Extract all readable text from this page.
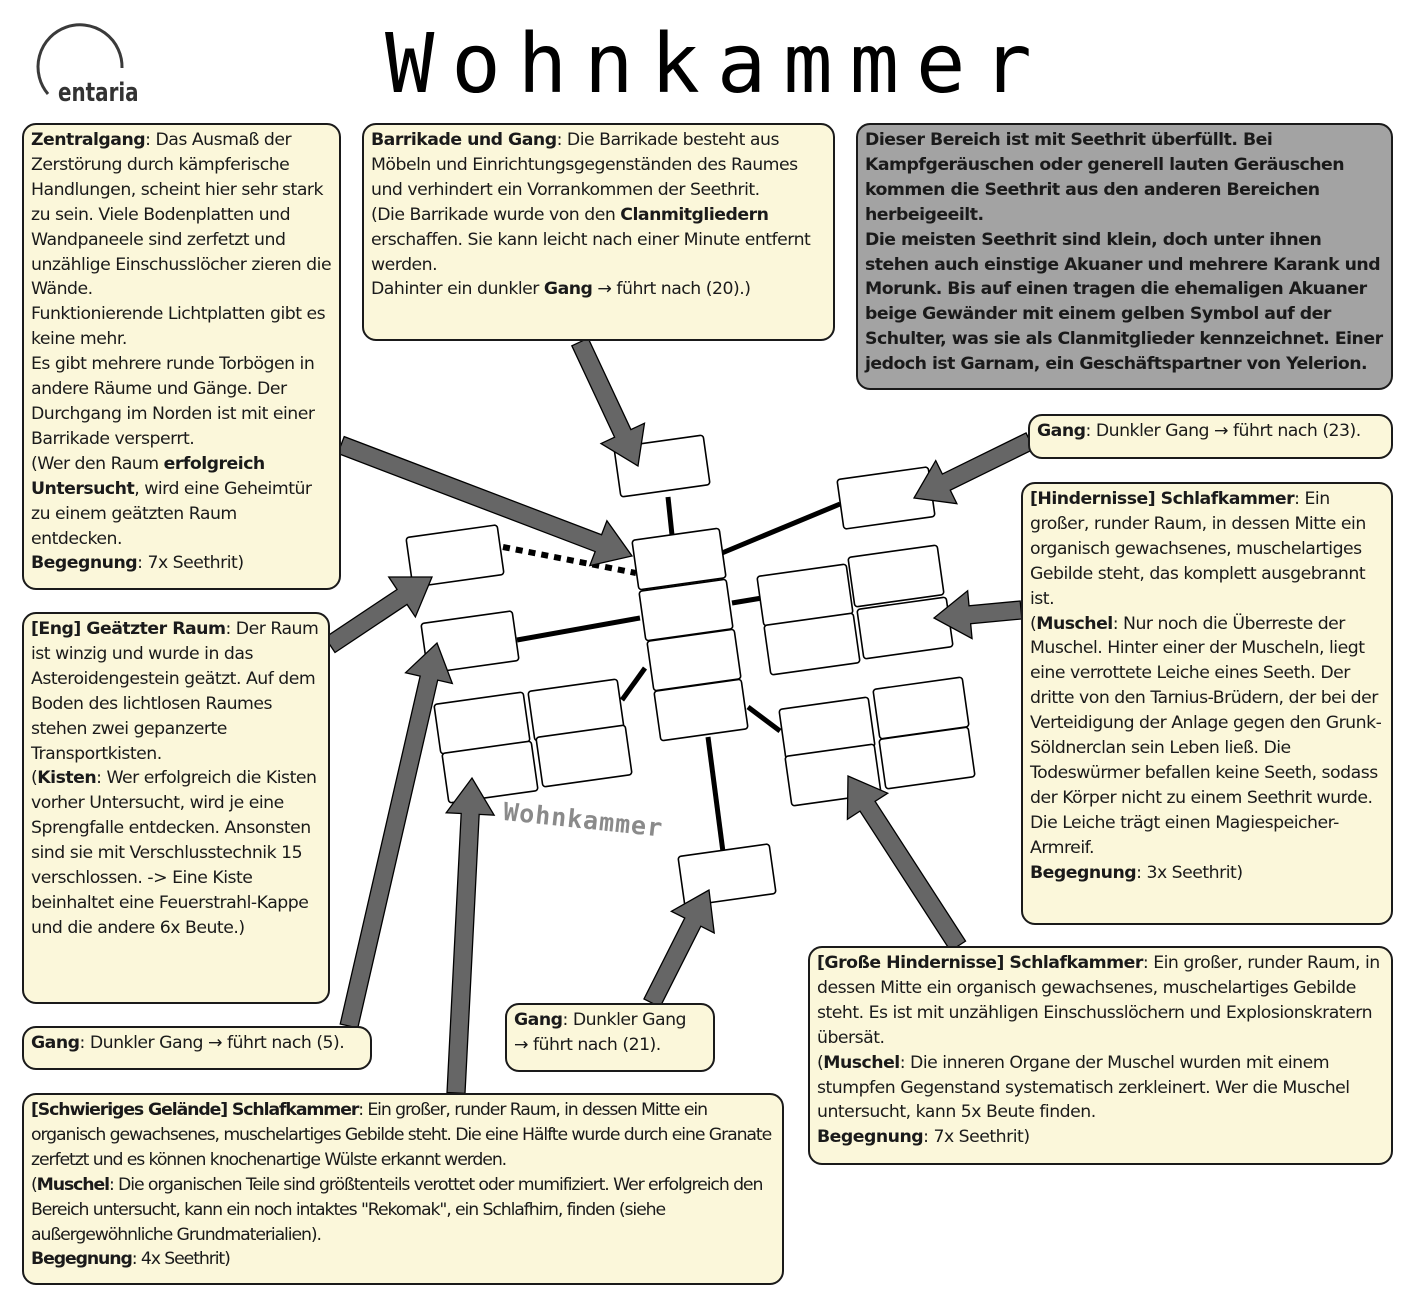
entaria	Wohnkammer
Wohnkammer
Zentralgang: Das Ausmaß der Zerstörung durch kämpferische Handlungen, scheint hier sehr stark zu sein. Viele Bodenplatten und Wandpaneele sind zerfetzt und unzählige Einschusslöcher zieren die Wände.
Funktionierende Lichtplatten gibt es keine mehr.
Es gibt mehrere runde Torbögen in andere Räume und Gänge. Der Durchgang im Norden ist mit einer Barrikade versperrt.
(Wer den Raum erfolgreich Untersucht, wird eine Geheimtür zu einem geätzten Raum entdecken.
Begegnung: 7x Seethrit)
Barrikade und Gang: Die Barrikade besteht aus Möbeln und Einrichtungsgegenständen des Raumes und verhindert ein Vorrankommen der Seethrit.
(Die Barrikade wurde von den Clanmitgliedern erschaffen. Sie kann leicht nach einer Minute entfernt werden.
Dahinter ein dunkler Gang → führt nach (20).)
Dieser Bereich ist mit Seethrit überfüllt. Bei Kampfgeräuschen oder generell lauten Geräuschen kommen die Seethrit aus den anderen Bereichen herbeigeeilt.
Die meisten Seethrit sind klein, doch unter ihnen stehen auch einstige Akuaner und mehrere Karank und Morunk. Bis auf einen tragen die ehemaligen Akuaner beige Gewänder mit einem gelben Symbol auf der Schulter, was sie als Clanmitglieder kennzeichnet. Einer jedoch ist Garnam, ein Geschäftspartner von Yelerion.
Gang: Dunkler Gang → führt nach (23).
[Hindernisse] Schlafkammer: Ein großer, runder Raum, in dessen Mitte ein organisch gewachsenes, muschelartiges Gebilde steht, das komplett ausgebrannt ist.
(Muschel: Nur noch die Überreste der Muschel. Hinter einer der Muscheln, liegt eine verrottete Leiche eines Seeth. Der dritte von den Tarnius-Brüdern, der bei der Verteidigung der Anlage gegen den Grunk-Söldnerclan sein Leben ließ. Die Todeswürmer befallen keine Seeth, sodass der Körper nicht zu einem Seethrit wurde. Die Leiche trägt einen Magiespeicher-Armreif.
Begegnung: 3x Seethrit)
[Eng] Geätzter Raum: Der Raum ist winzig und wurde in das Asteroidengestein geätzt. Auf dem Boden des lichtlosen Raumes stehen zwei gepanzerte Transportkisten.
(Kisten: Wer erfolgreich die Kisten vorher Untersucht, wird je eine Sprengfalle entdecken. Ansonsten sind sie mit Verschlusstechnik 15 verschlossen. -> Eine Kiste beinhaltet eine Feuerstrahl-Kappe und die andere 6x Beute.)
Gang: Dunkler Gang → führt nach (5).
Gang: Dunkler Gang
→ führt nach (21).
[Große Hindernisse] Schlafkammer: Ein großer, runder Raum, in dessen Mitte ein organisch gewachsenes, muschelartiges Gebilde steht. Es ist mit unzähligen Einschusslöchern und Explosionskratern übersät.
(Muschel: Die inneren Organe der Muschel wurden mit einem stumpfen Gegenstand systematisch zerkleinert. Wer die Muschel untersucht, kann 5x Beute finden.
Begegnung: 7x Seethrit)
[Schwieriges Gelände] Schlafkammer: Ein großer, runder Raum, in dessen Mitte ein organisch gewachsenes, muschelartiges Gebilde steht. Die eine Hälfte wurde durch eine Granate zerfetzt und es können knochenartige Wülste erkannt werden.
(Muschel: Die organischen Teile sind größtenteils verottet oder mumifiziert. Wer erfolgreich den Bereich untersucht, kann ein noch intaktes "Rekomak", ein Schlafhirn, finden (siehe außergewöhnliche Grundmaterialien).
Begegnung: 4x Seethrit)
